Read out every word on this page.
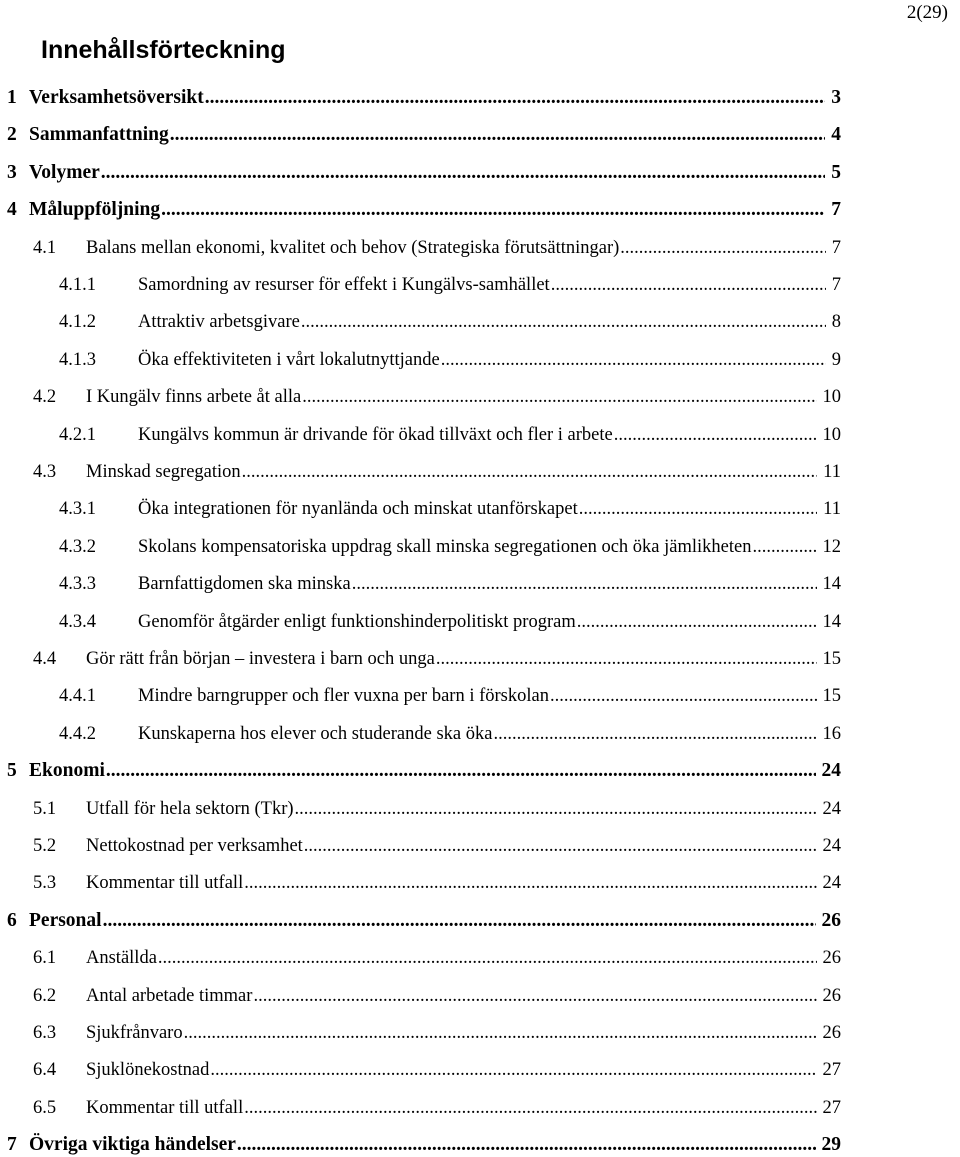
2(29)
Innehållsförteckning
1 Verksamhetsöversikt .....	3
2 Sammanfattning .....	4
3 Volymer .....	5
4 Måluppföljning .....	7
4.1 Balans mellan ekonomi, kvalitet och behov (Strategiska förutsättningar) .....	7
4.1.1 Samordning av resurser för effekt i Kungälvs-samhället .....	7
4.1.2 Attraktiv arbetsgivare .....	8
4.1.3 Öka effektiviteten i vårt lokalutnyttjande .....	9
4.2 I Kungälv finns arbete åt alla .....	10
4.2.1 Kungälvs kommun är drivande för ökad tillväxt och fler i arbete .....	10
4.3 Minskad segregation .....	11
4.3.1 Öka integrationen för nyanlända och minskat utanförskapet .....	11
4.3.2 Skolans kompensatoriska uppdrag skall minska segregationen och öka jämlikheten .....	12
4.3.3 Barnfattigdomen ska minska .....	14
4.3.4 Genomför åtgärder enligt funktionshinderpolitiskt program .....	14
4.4 Gör rätt från början – investera i barn och unga .....	15
4.4.1 Mindre barngrupper och fler vuxna per barn i förskolan .....	15
4.4.2 Kunskaperna hos elever och studerande ska öka .....	16
5 Ekonomi .....	24
5.1 Utfall för hela sektorn (Tkr) .....	24
5.2 Nettokostnad per verksamhet .....	24
5.3 Kommentar till utfall .....	24
6 Personal .....	26
6.1 Anställda .....	26
6.2 Antal arbetade timmar .....	26
6.3 Sjukfrånvaro .....	26
6.4 Sjuklönekostnad .....	27
6.5 Kommentar till utfall .....	27
7 Övriga viktiga händelser .....	29
